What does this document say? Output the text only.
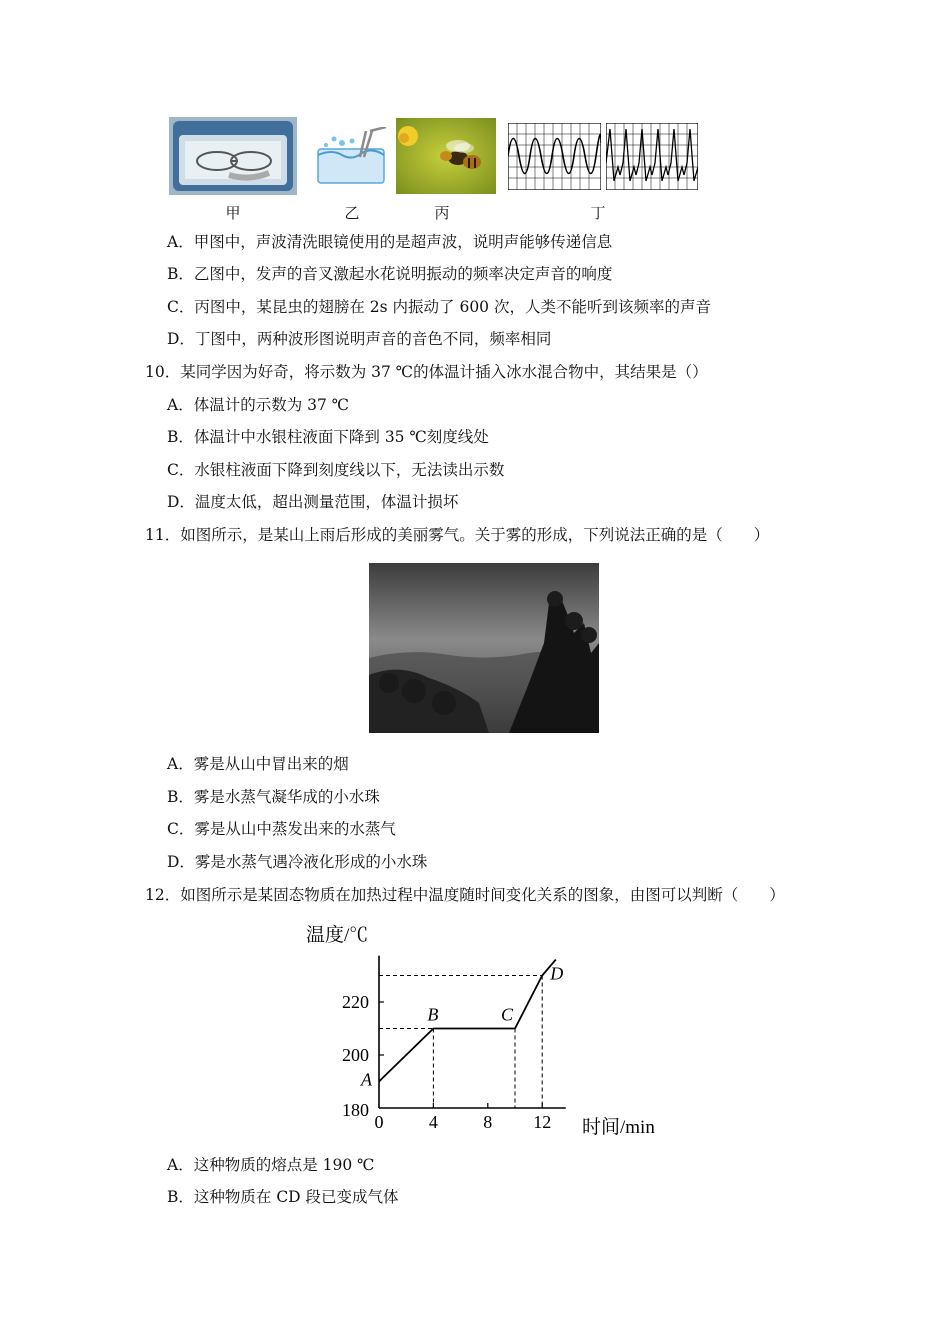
甲	乙	丙	丁
A．甲图中，声波清洗眼镜使用的是超声波，说明声能够传递信息
B．乙图中，发声的音叉激起水花说明振动的频率决定声音的响度
C．丙图中，某昆虫的翅膀在 2s 内振动了 600 次，人类不能听到该频率的声音
D．丁图中，两种波形图说明声音的音色不同，频率相同
10．某同学因为好奇，将示数为 37 ℃的体温计插入冰水混合物中，其结果是（）
A．体温计的示数为 37 ℃
B．体温计中水银柱液面下降到 35 ℃刻度线处
C．水银柱液面下降到刻度线以下，无法读出示数
D．温度太低，超出测量范围，体温计损坏
11．如图所示，是某山上雨后形成的美丽雾气。关于雾的形成，下列说法正确的是（　　）
A．雾是从山中冒出来的烟
B．雾是水蒸气凝华成的小水珠
C．雾是从山中蒸发出来的水蒸气
D．雾是水蒸气遇冷液化形成的小水珠
12．如图所示是某固态物质在加热过程中温度随时间变化关系的图象，由图可以判断（　　）
温度/℃
时间/min
0	4	8 12
180
200
220
A
B	C
D
A．这种物质的熔点是 190 ℃
B．这种物质在 CD 段已变成气体
